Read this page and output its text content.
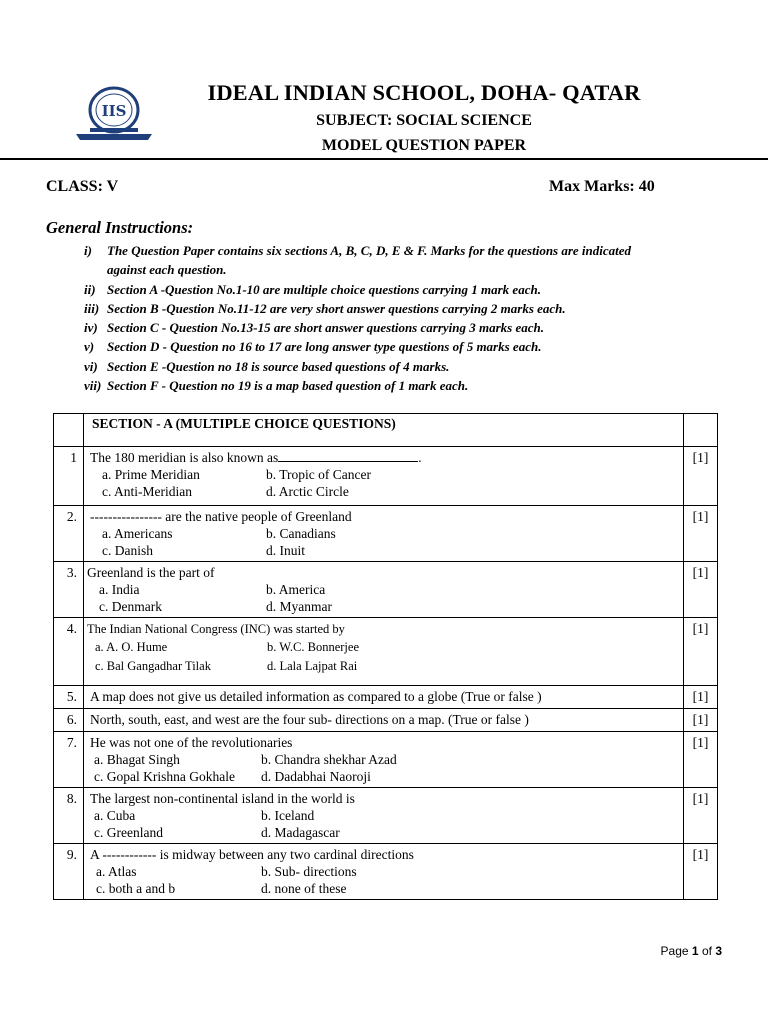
IIS
IDEAL INDIAN SCHOOL, DOHA- QATAR
SUBJECT: SOCIAL SCIENCE
MODEL QUESTION PAPER
CLASS: V	Max Marks: 40
General Instructions:
i) The Question Paper contains six sections A, B, C, D, E & F. Marks for the questions are indicated
against each question.
ii) Section A -Question No.1-10 are multiple choice questions carrying 1 mark each.
iii) Section B -Question No.11-12 are very short answer questions carrying 2 marks each.
iv) Section C - Question No.13-15 are short answer questions carrying 3 marks each.
v) Section D - Question no 16 to 17 are long answer type questions of 5 marks each.
vi) Section E -Question no 18 is source based questions of 4 marks.
vii) Section F - Question no 19 is a map based question of 1 mark each.
	SECTION - A (MULTIPLE CHOICE QUESTIONS)	
1	The 180 meridian is also known as .
a. Prime Meridian b. Tropic of Cancer
c. Anti-Meridian d. Arctic Circle	[1]
2.	---------------- are the native people of Greenland
a. Americans b. Canadians
c. Danish d. Inuit	[1]
3.	Greenland is the part of
a. India b. America
c. Denmark d. Myanmar	[1]
4.	The Indian National Congress (INC) was started by
a. A. O. Hume b. W.C. Bonnerjee
c. Bal Gangadhar Tilak d. Lala Lajpat Rai	[1]
5.	A map does not give us detailed information as compared to a globe (True or false )	[1]
6.	North, south, east, and west are the four sub- directions on a map. (True or false )	[1]
7.	He was not one of the revolutionaries
a. Bhagat Singh b. Chandra shekhar Azad
c. Gopal Krishna Gokhale d. Dadabhai Naoroji	[1]
8.	The largest non-continental island in the world is
a. Cuba b. Iceland
c. Greenland d. Madagascar	[1]
9.	A ------------ is midway between any two cardinal directions
a. Atlas b. Sub- directions
c. both a and b d. none of these	[1]
Page 1 of 3
